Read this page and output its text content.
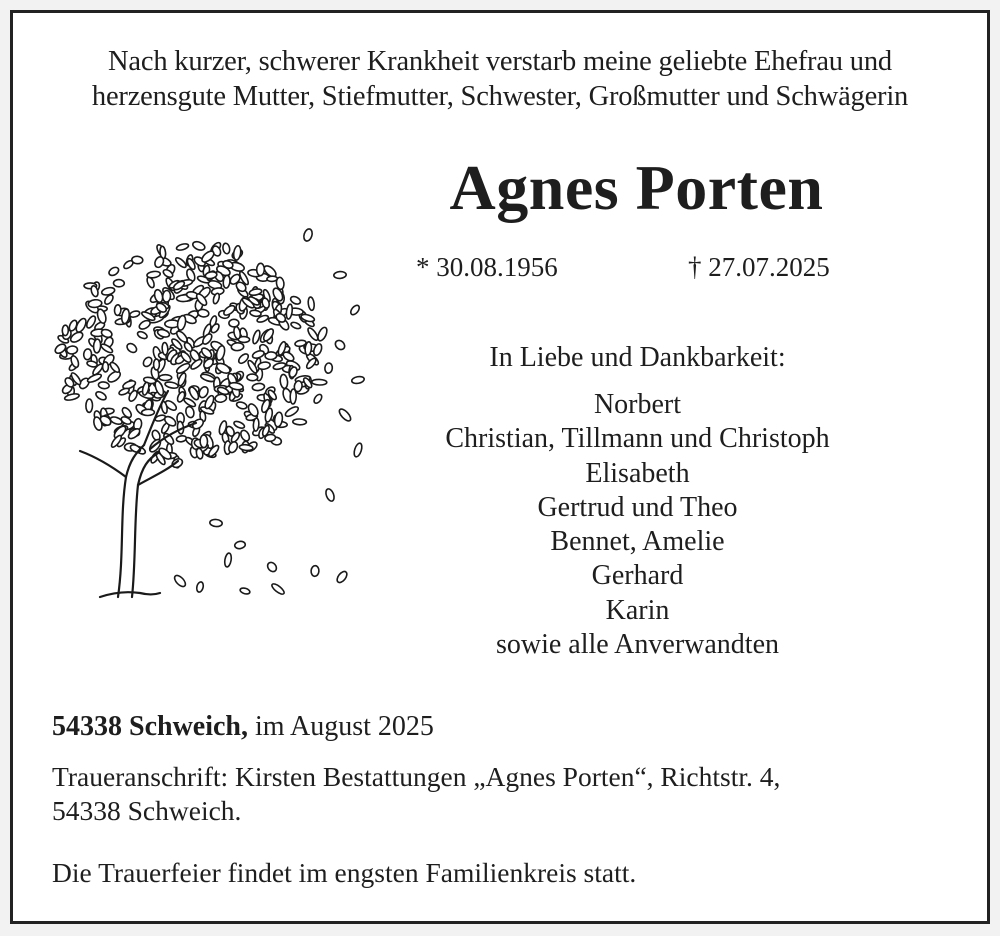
Nach kurzer, schwerer Krankheit verstarb meine geliebte Ehefrau und
herzensgute Mutter, Stiefmutter, Schwester, Großmutter und Schwägerin
Agnes Porten
* 30.08.1956	† 27.07.2025
In Liebe und Dankbarkeit:
Norbert
Christian, Tillmann und Christoph
Elisabeth
Gertrud und Theo
Bennet, Amelie
Gerhard
Karin
sowie alle Anverwandten
54338 Schweich, im August 2025
Traueranschrift: Kirsten Bestattungen „Agnes Porten“, Richtstr. 4,
54338 Schweich.
Die Trauerfeier findet im engsten Familienkreis statt.
